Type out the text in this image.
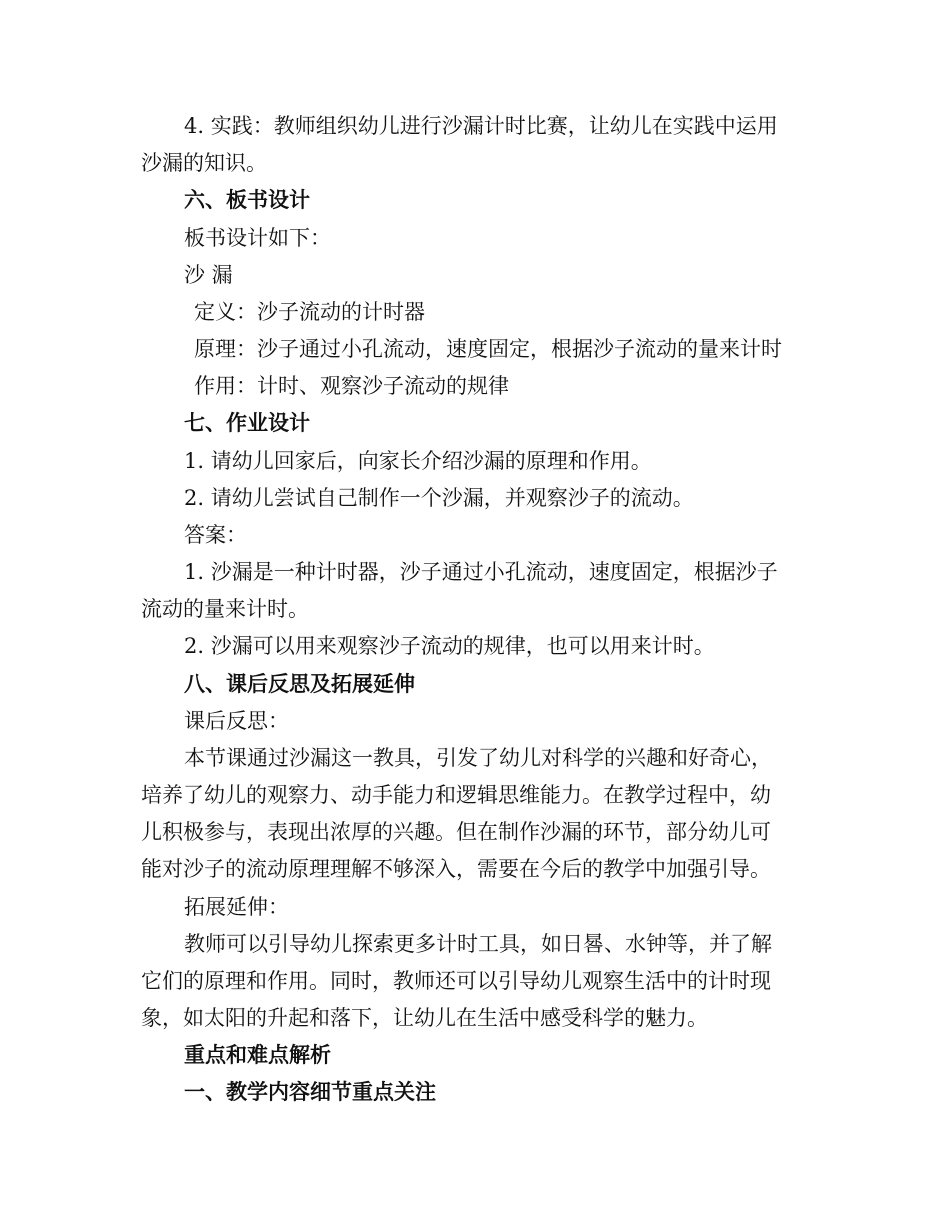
4. 实践：教师组织幼儿进行沙漏计时比赛，让幼儿在实践中运用
沙漏的知识。
六、板书设计
板书设计如下：
沙 漏
定义：沙子流动的计时器
原理：沙子通过小孔流动，速度固定，根据沙子流动的量来计时
作用：计时、观察沙子流动的规律
七、作业设计
1. 请幼儿回家后，向家长介绍沙漏的原理和作用。
2. 请幼儿尝试自己制作一个沙漏，并观察沙子的流动。
答案：
1. 沙漏是一种计时器，沙子通过小孔流动，速度固定，根据沙子
流动的量来计时。
2. 沙漏可以用来观察沙子流动的规律，也可以用来计时。
八、课后反思及拓展延伸
课后反思：
本节课通过沙漏这一教具，引发了幼儿对科学的兴趣和好奇心，
培养了幼儿的观察力、动手能力和逻辑思维能力。在教学过程中，幼
儿积极参与，表现出浓厚的兴趣。但在制作沙漏的环节，部分幼儿可
能对沙子的流动原理理解不够深入，需要在今后的教学中加强引导。
拓展延伸：
教师可以引导幼儿探索更多计时工具，如日晷、水钟等，并了解
它们的原理和作用。同时，教师还可以引导幼儿观察生活中的计时现
象，如太阳的升起和落下，让幼儿在生活中感受科学的魅力。
重点和难点解析
一、教学内容细节重点关注
